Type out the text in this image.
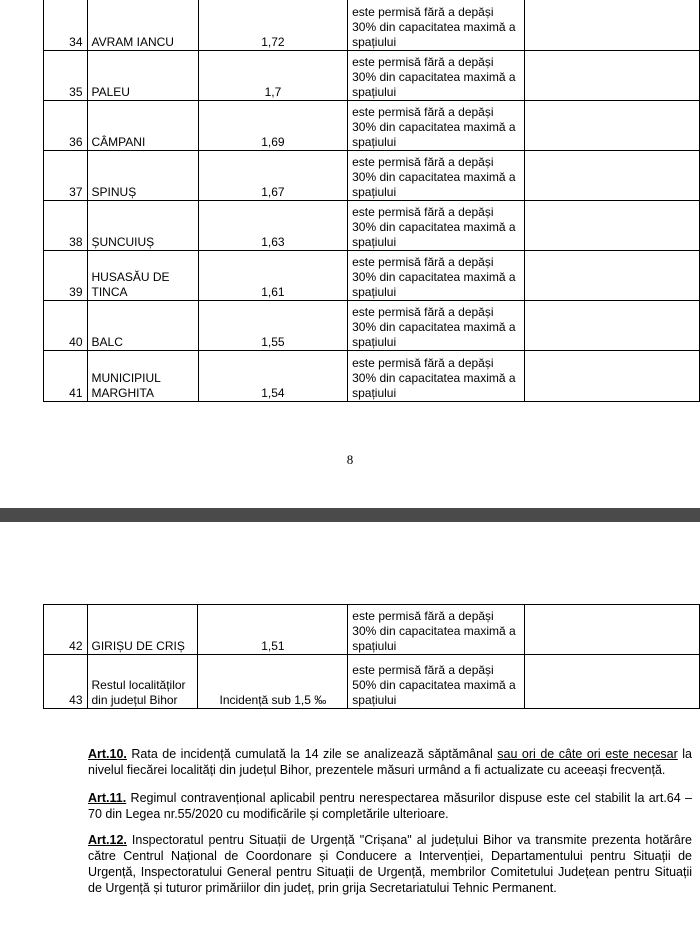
34	AVRAM IANCU	1,72	este permisă fără a depăși 30% din capacitatea maximă a spațiului	
35	PALEU	1,7	este permisă fără a depăși 30% din capacitatea maximă a spațiului	
36	CÂMPANI	1,69	este permisă fără a depăși 30% din capacitatea maximă a spațiului	
37	SPINUȘ	1,67	este permisă fără a depăși 30% din capacitatea maximă a spațiului	
38	ȘUNCUIUȘ	1,63	este permisă fără a depăși 30% din capacitatea maximă a spațiului	
39	HUSASĂU DE TINCA	1,61	este permisă fără a depăși 30% din capacitatea maximă a spațiului	
40	BALC	1,55	este permisă fără a depăși 30% din capacitatea maximă a spațiului	
41	MUNICIPIUL MARGHITA	1,54	este permisă fără a depăși 30% din capacitatea maximă a spațiului	
8
42	GIRIȘU DE CRIȘ	1,51	este permisă fără a depăși 30% din capacitatea maximă a spațiului	
43	Restul localităților din județul Bihor	Incidență sub 1,5 ‰	este permisă fără a depăși 50% din capacitatea maximă a spațiului	
Art.10. Rata de incidență cumulată la 14 zile se analizează săptămânal sau ori de câte ori este necesar la nivelul fiecărei localități din județul Bihor, prezentele măsuri urmând a fi actualizate cu aceeași frecvență.
Art.11. Regimul contravențional aplicabil pentru nerespectarea măsurilor dispuse este cel stabilit la art.64 – 70 din Legea nr.55/2020 cu modificările și completările ulterioare.
Art.12. Inspectoratul pentru Situații de Urgență "Crișana" al județului Bihor va transmite prezenta hotărâre către Centrul Național de Coordonare și Conducere a Intervenției, Departamentului pentru Situații de Urgență, Inspectoratului General pentru Situații de Urgență, membrilor Comitetului Județean pentru Situații de Urgență și tuturor primăriilor din județ, prin grija Secretariatului Tehnic Permanent.
